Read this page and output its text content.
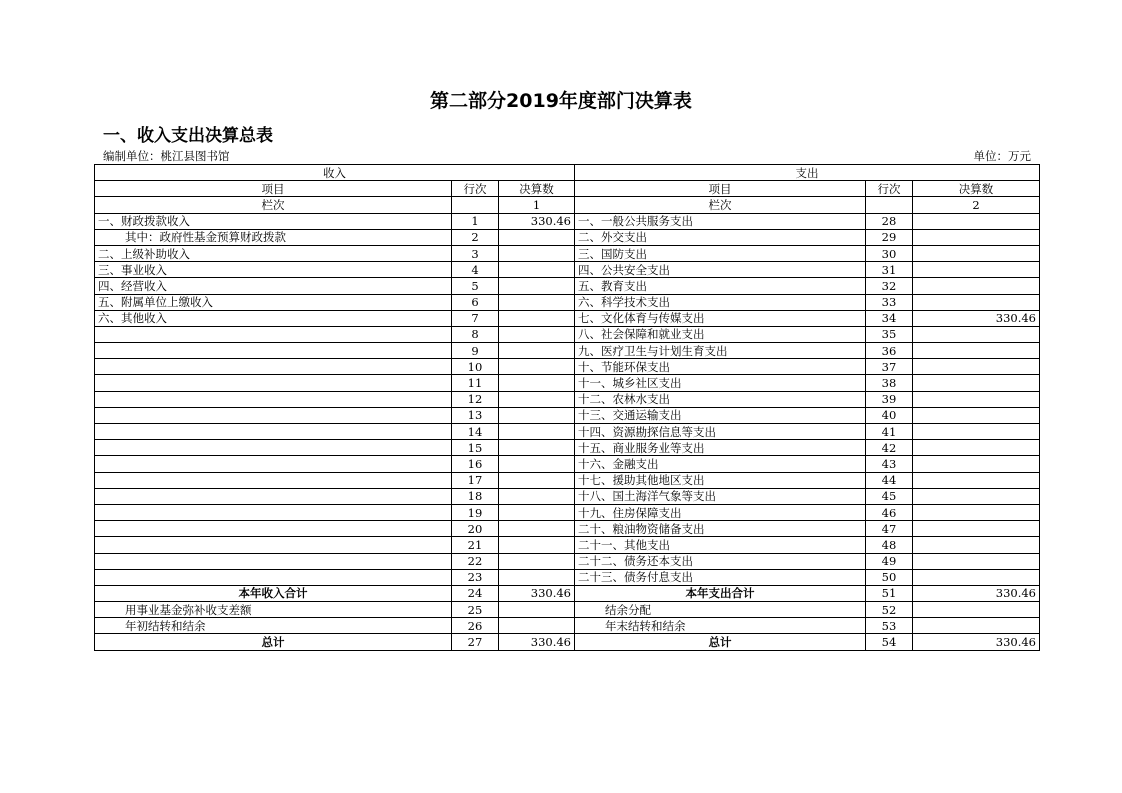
第二部分2019年度部门决算表
一、收入支出决算总表
编制单位：桃江县图书馆	单位：万元
收入			支出		
项目	行次	决算数	项目	行次	决算数
栏次		1	栏次		2
一、财政拨款收入	1	330.46	一、一般公共服务支出	28	
其中：政府性基金预算财政拨款	2		二、外交支出	29	
二、上级补助收入	3		三、国防支出	30	
三、事业收入	4		四、公共安全支出	31	
四、经营收入	5		五、教育支出	32	
五、附属单位上缴收入	6		六、科学技术支出	33	
六、其他收入	7		七、文化体育与传媒支出	34	330.46
	8		八、社会保障和就业支出	35	
	9		九、医疗卫生与计划生育支出	36	
	10		十、节能环保支出	37	
	11		十一、城乡社区支出	38	
	12		十二、农林水支出	39	
	13		十三、交通运输支出	40	
	14		十四、资源勘探信息等支出	41	
	15		十五、商业服务业等支出	42	
	16		十六、金融支出	43	
	17		十七、援助其他地区支出	44	
	18		十八、国土海洋气象等支出	45	
	19		十九、住房保障支出	46	
	20		二十、粮油物资储备支出	47	
	21		二十一、其他支出	48	
	22		二十二、债务还本支出	49	
	23		二十三、债务付息支出	50	
本年收入合计	24	330.46	本年支出合计	51	330.46
用事业基金弥补收支差额	25		结余分配	52	
年初结转和结余	26		年末结转和结余	53	
总计	27	330.46	总计	54	330.46
